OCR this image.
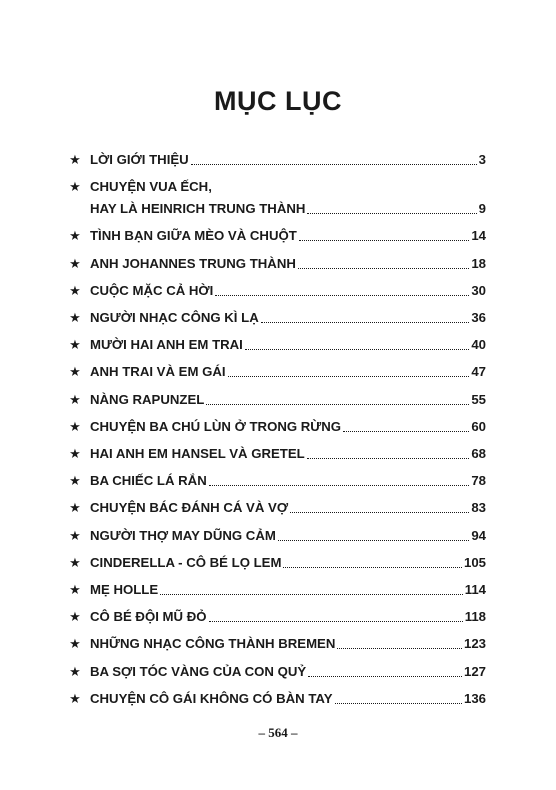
MỤC LỤC
★ LỜI GIỚI THIỆU	3
★ CHUYỆN VUA ẾCH,
HAY LÀ HEINRICH TRUNG THÀNH	9
★ TÌNH BẠN GIỮA MÈO VÀ CHUỘT	14
★ ANH JOHANNES TRUNG THÀNH	18
★ CUỘC MẶC CẢ HỜI	30
★ NGƯỜI NHẠC CÔNG KÌ LẠ	36
★ MƯỜI HAI ANH EM TRAI	40
★ ANH TRAI VÀ EM GÁI	47
★ NÀNG RAPUNZEL	55
★ CHUYỆN BA CHÚ LÙN Ở TRONG RỪNG	60
★ HAI ANH EM HANSEL VÀ GRETEL	68
★ BA CHIẾC LÁ RẮN	78
★ CHUYỆN BÁC ĐÁNH CÁ VÀ VỢ	83
★ NGƯỜI THỢ MAY DŨNG CẢM	94
★ CINDERELLA - CÔ BÉ LỌ LEM	105
★ MẸ HOLLE	114
★ CÔ BÉ ĐỘI MŨ ĐỎ	118
★ NHỮNG NHẠC CÔNG THÀNH BREMEN	123
★ BA SỢI TÓC VÀNG CỦA CON QUỶ	127
★ CHUYỆN CÔ GÁI KHÔNG CÓ BÀN TAY	136
– 564 –
